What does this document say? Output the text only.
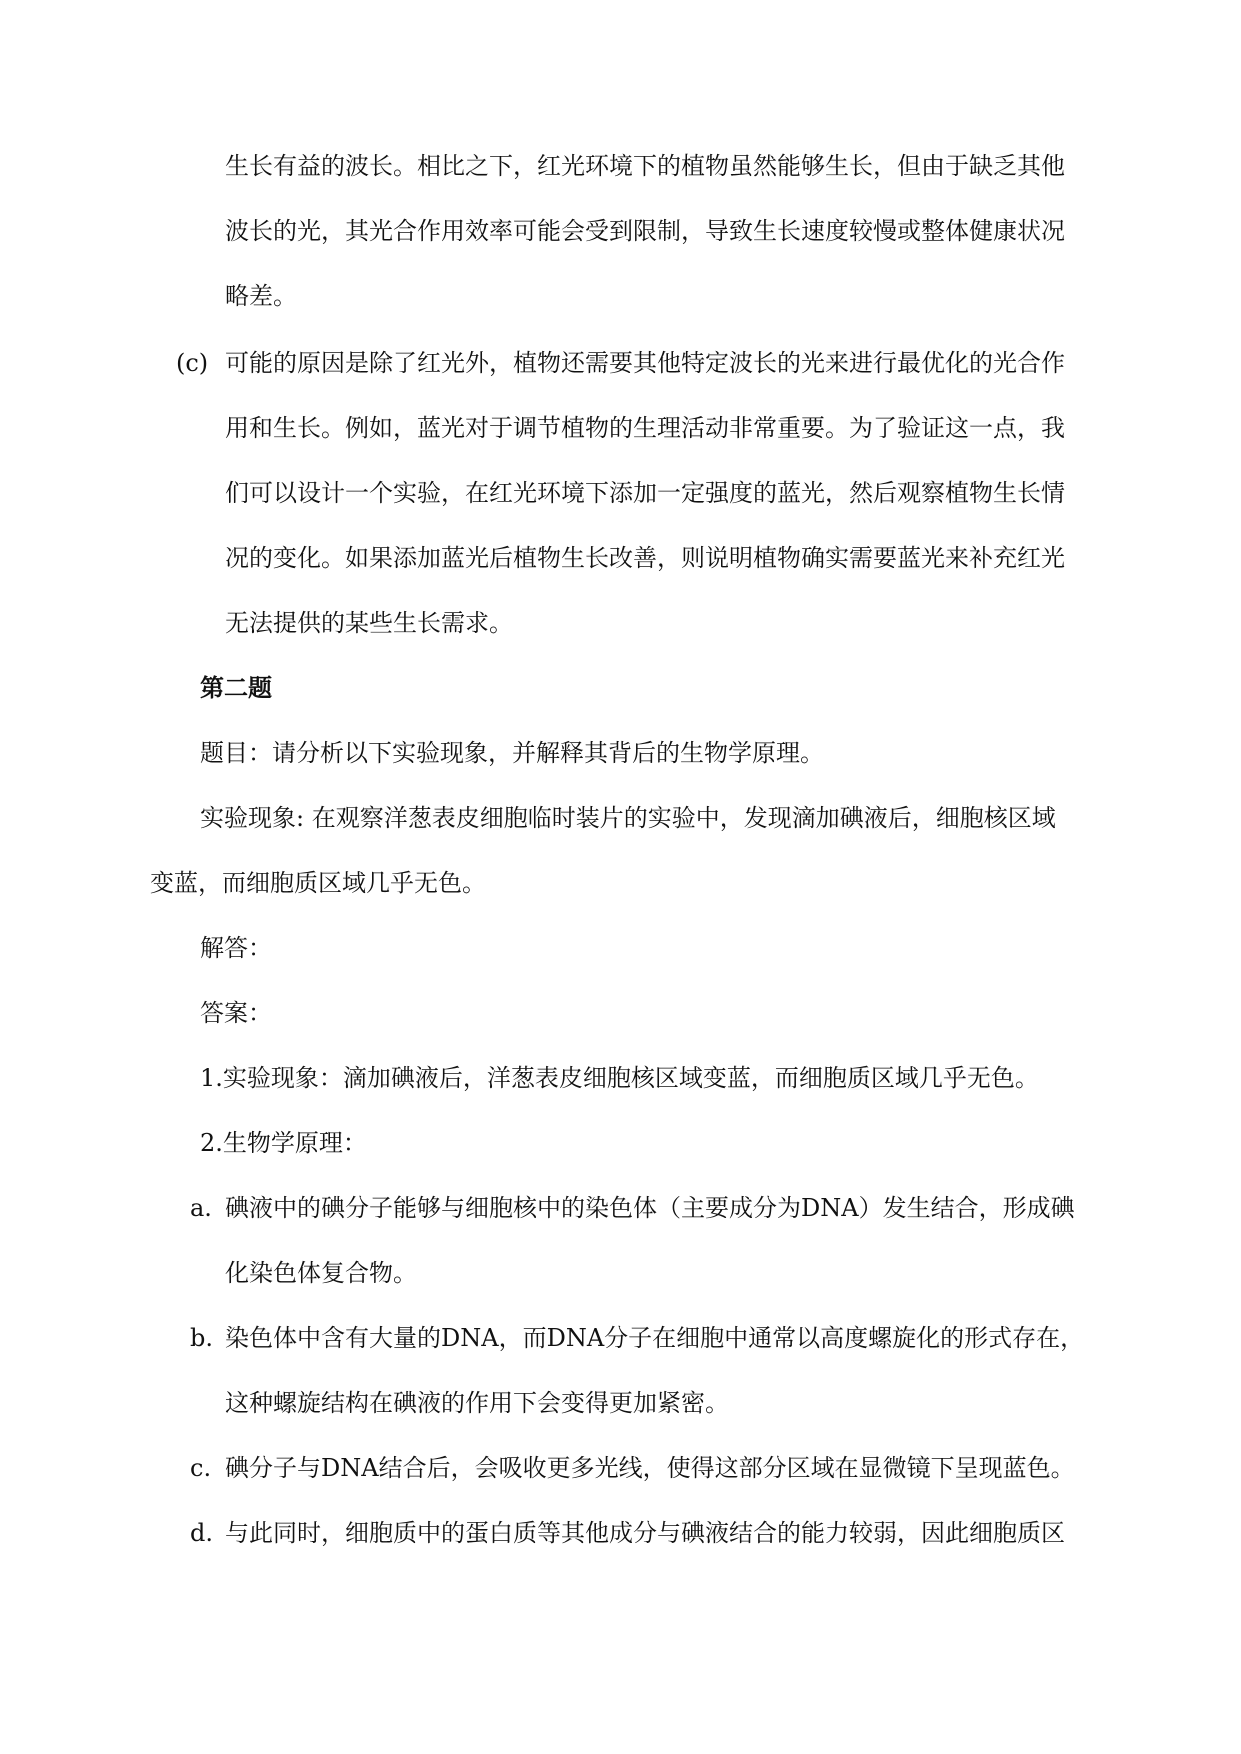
生长有益的波长。相比之下，红光环境下的植物虽然能够生长，但由于缺乏其他
波长的光，其光合作用效率可能会受到限制，导致生长速度较慢或整体健康状况
略差。
(c) 可能的原因是除了红光外，植物还需要其他特定波长的光来进行最优化的光合作
用和生长。例如，蓝光对于调节植物的生理活动非常重要。为了验证这一点，我
们可以设计一个实验，在红光环境下添加一定强度的蓝光，然后观察植物生长情
况的变化。如果添加蓝光后植物生长改善，则说明植物确实需要蓝光来补充红光
无法提供的某些生长需求。
第二题
题目：请分析以下实验现象，并解释其背后的生物学原理。
实验现象: 在观察洋葱表皮细胞临时装片的实验中，发现滴加碘液后，细胞核区域
变蓝，而细胞质区域几乎无色。
解答：
答案：
1.实验现象：滴加碘液后，洋葱表皮细胞核区域变蓝，而细胞质区域几乎无色。
2.生物学原理：
a. 碘液中的碘分子能够与细胞核中的染色体（主要成分为DNA）发生结合，形成碘
化染色体复合物。
b. 染色体中含有大量的DNA，而DNA分子在细胞中通常以高度螺旋化的形式存在，
这种螺旋结构在碘液的作用下会变得更加紧密。
c. 碘分子与DNA结合后，会吸收更多光线，使得这部分区域在显微镜下呈现蓝色。
d. 与此同时，细胞质中的蛋白质等其他成分与碘液结合的能力较弱，因此细胞质区
